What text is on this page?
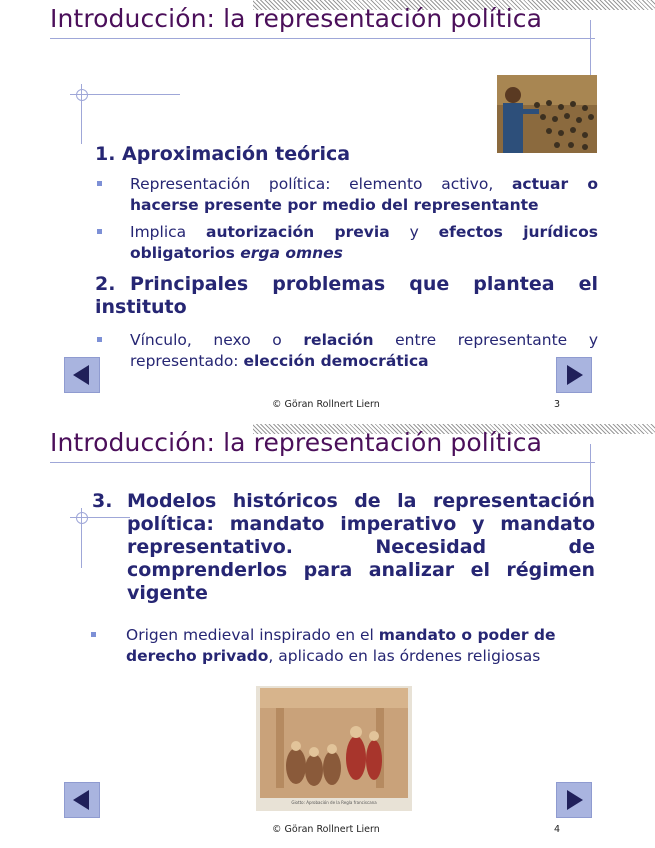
Introducción: la representación política
1. Aproximación teórica
Representación política: elemento activo, actuar o hacerse presente por medio del representante
Implica autorización previa y efectos jurídicos obligatorios erga omnes
2. Principales problemas que plantea el instituto
Vínculo, nexo o relación entre representante y representado: elección democrática
© Göran Rollnert Liern	3
Introducción: la representación política
3. Modelos históricos de la representación política: mandato imperativo y mandato representativo. Necesidad de comprenderlos para analizar el régimen vigente
Origen medieval inspirado en el mandato o poder de derecho privado, aplicado en las órdenes religiosas
Giotto: Aprobación de la Regla franciscana
© Göran Rollnert Liern	4
